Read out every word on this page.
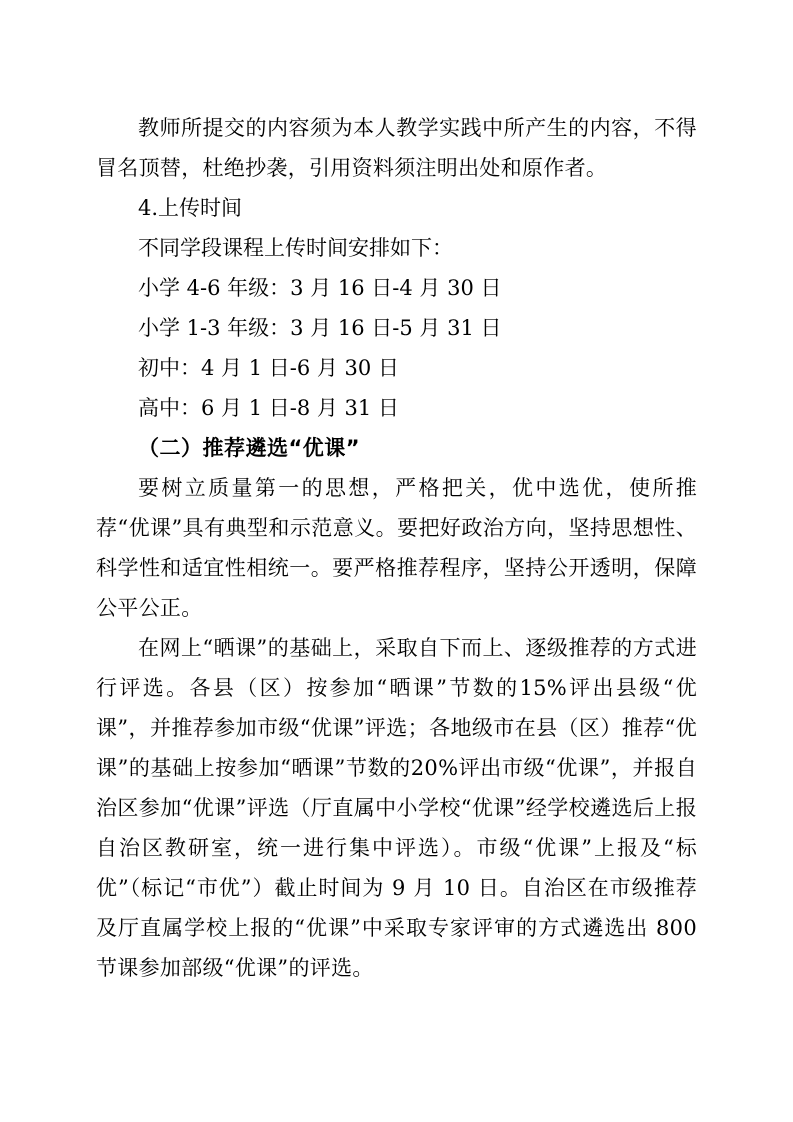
教师所提交的内容须为本人教学实践中所产生的内容，不得冒名顶替，杜绝抄袭，引用资料须注明出处和原作者。

4.上传时间

不同学段课程上传时间安排如下：

小学 4-6 年级：3 月 16 日-4 月 30 日

小学 1-3 年级：3 月 16 日-5 月 31 日

初中：4 月 1 日-6 月 30 日

高中：6 月 1 日-8 月 31 日

（二）推荐遴选“优课”

要树立质量第一的思想，严格把关，优中选优，使所推荐“优课”具有典型和示范意义。要把好政治方向，坚持思想性、科学性和适宜性相统一。要严格推荐程序，坚持公开透明，保障公平公正。

在网上“晒课”的基础上，采取自下而上、逐级推荐的方式进行评选。各县（区）按参加“晒课”节数的15%评出县级“优课”，并推荐参加市级“优课”评选；各地级市在县（区）推荐“优课”的基础上按参加“晒课”节数的20%评出市级“优课”，并报自治区参加“优课”评选（厅直属中小学校“优课”经学校遴选后上报自治区教研室，统一进行集中评选）。市级“优课”上报及“标优”（标记“市优”）截止时间为 9 月 10 日。自治区在市级推荐及厅直属学校上报的“优课”中采取专家评审的方式遴选出 800 节课参加部级“优课”的评选。
